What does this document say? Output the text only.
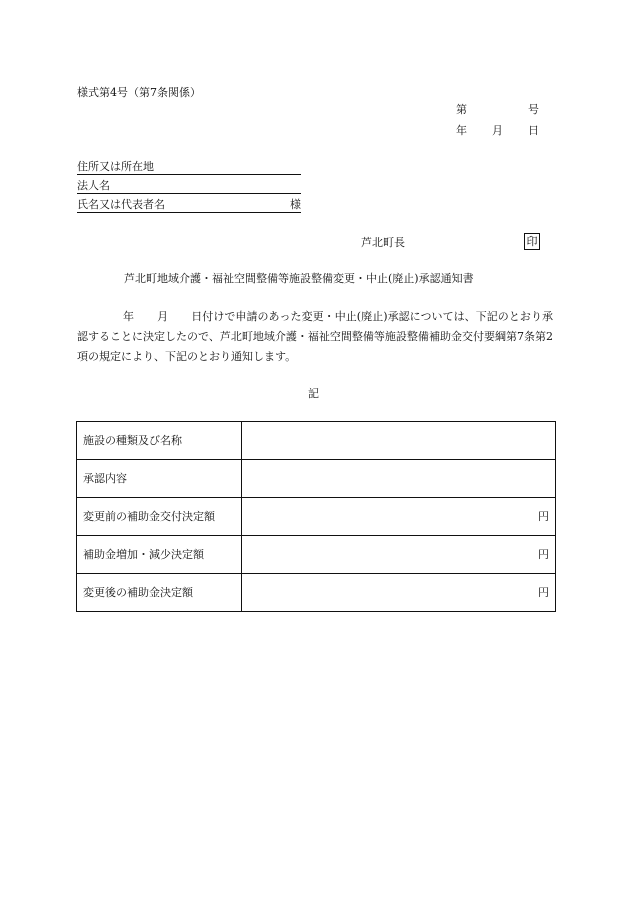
様式第4号（第7条関係）
第	号
年 月 日
住所又は所在地
法人名
氏名又は代表者名	様
芦北町長	印
芦北町地域介護・福祉空間整備等施設整備変更・中止(廃止)承認通知書
年 月 日付けで申請のあった変更・中止(廃止)承認については、下記のとおり承認することに決定したので、芦北町地域介護・福祉空間整備等施設整備補助金交付要綱第7条第2項の規定により、下記のとおり通知します。
記
施設の種類及び名称	
承認内容	
変更前の補助金交付決定額	円
補助金増加・減少決定額	円
変更後の補助金決定額	円
